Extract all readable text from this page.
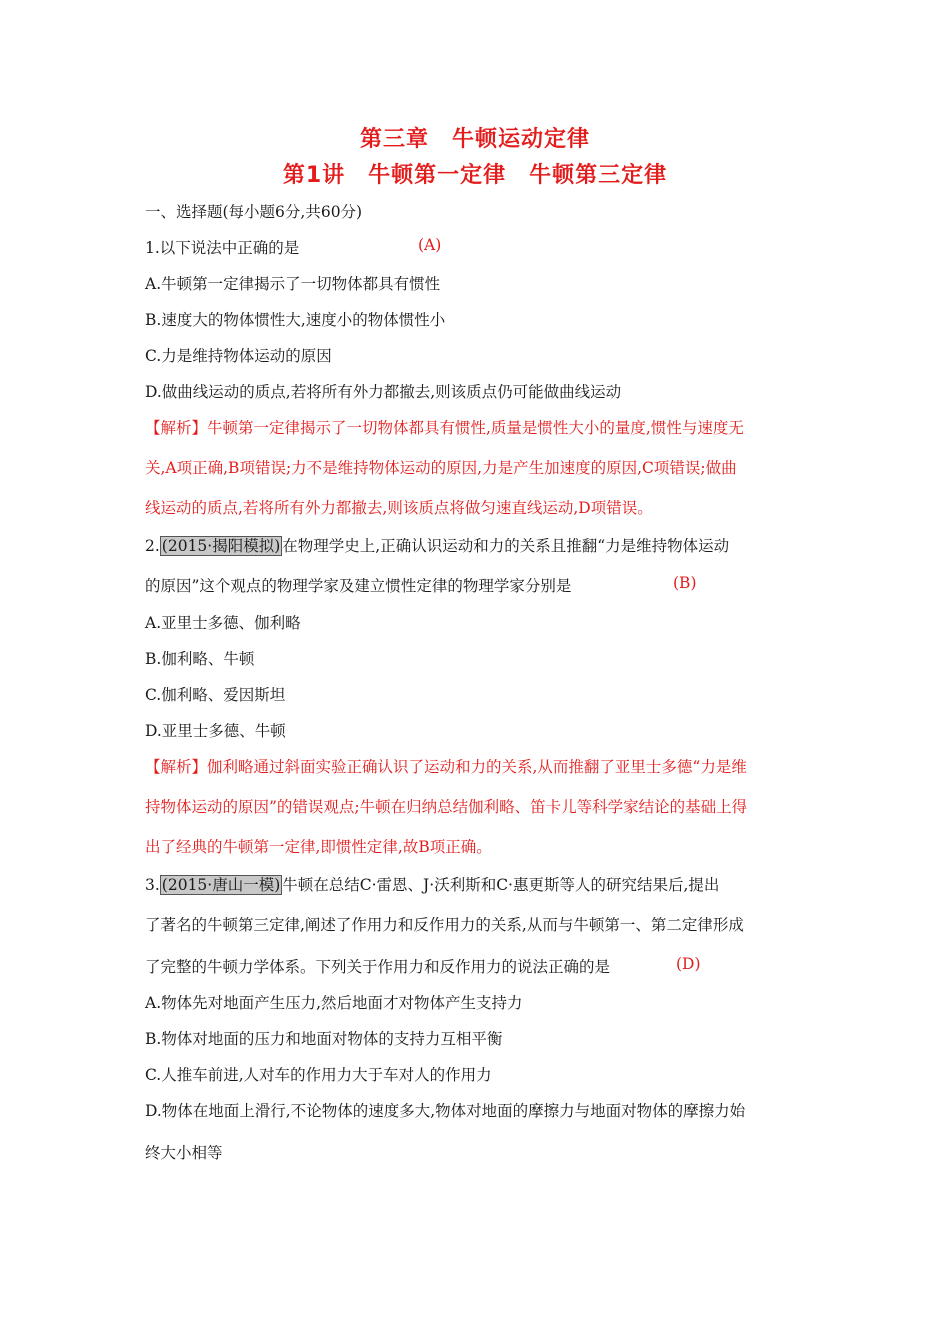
第三章　牛顿运动定律
第1讲　牛顿第一定律　牛顿第三定律
一、选择题(每小题6分,共60分)
1.以下说法中正确的是	(A)
A.牛顿第一定律揭示了一切物体都具有惯性
B.速度大的物体惯性大,速度小的物体惯性小
C.力是维持物体运动的原因
D.做曲线运动的质点,若将所有外力都撤去,则该质点仍可能做曲线运动
【解析】牛顿第一定律揭示了一切物体都具有惯性,质量是惯性大小的量度,惯性与速度无
关,A项正确,B项错误;力不是维持物体运动的原因,力是产生加速度的原因,C项错误;做曲
线运动的质点,若将所有外力都撤去,则该质点将做匀速直线运动,D项错误。
2. (2015·揭阳模拟) 在物理学史上,正确认识运动和力的关系且推翻“力是维持物体运动
的原因”这个观点的物理学家及建立惯性定律的物理学家分别是	(B)
A.亚里士多德、伽利略
B.伽利略、牛顿
C.伽利略、爱因斯坦
D.亚里士多德、牛顿
【解析】伽利略通过斜面实验正确认识了运动和力的关系,从而推翻了亚里士多德“力是维
持物体运动的原因”的错误观点;牛顿在归纳总结伽利略、笛卡儿等科学家结论的基础上得
出了经典的牛顿第一定律,即惯性定律,故B项正确。
3. (2015·唐山一模) 牛顿在总结C·雷恩、J·沃利斯和C·惠更斯等人的研究结果后,提出
了著名的牛顿第三定律,阐述了作用力和反作用力的关系,从而与牛顿第一、第二定律形成
了完整的牛顿力学体系。下列关于作用力和反作用力的说法正确的是	(D)
A.物体先对地面产生压力,然后地面才对物体产生支持力
B.物体对地面的压力和地面对物体的支持力互相平衡
C.人推车前进,人对车的作用力大于车对人的作用力
D.物体在地面上滑行,不论物体的速度多大,物体对地面的摩擦力与地面对物体的摩擦力始
终大小相等
